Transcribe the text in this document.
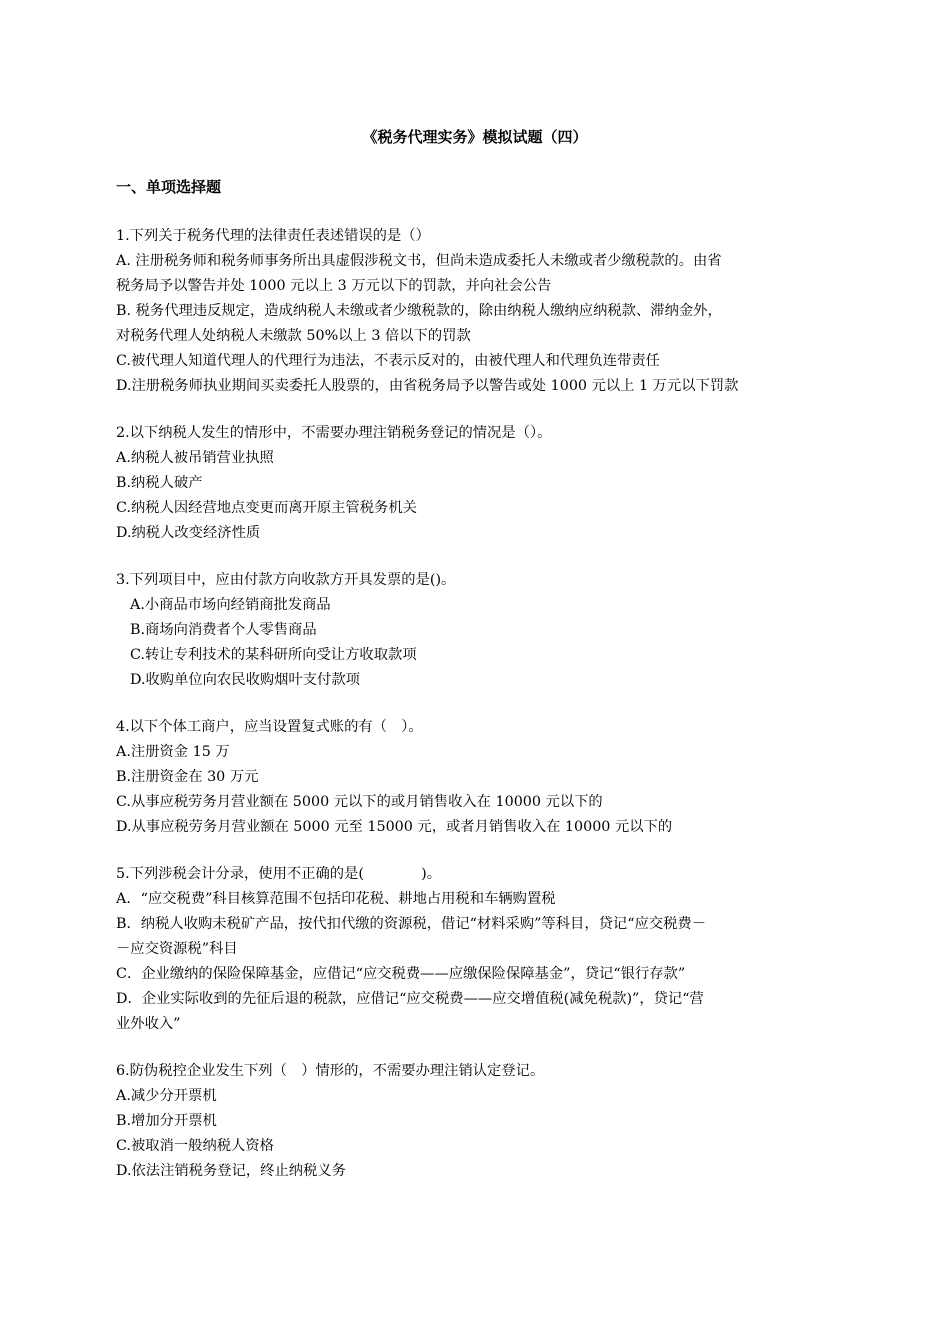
《税务代理实务》模拟试题（四）
一、单项选择题
1.下列关于税务代理的法律责任表述错误的是（）
A. 注册税务师和税务师事务所出具虚假涉税文书，但尚未造成委托人未缴或者少缴税款的。由省
税务局予以警告并处 1000 元以上 3 万元以下的罚款，并向社会公告
B. 税务代理违反规定，造成纳税人未缴或者少缴税款的，除由纳税人缴纳应纳税款、滞纳金外，
对税务代理人处纳税人未缴款 50%以上 3 倍以下的罚款
C.被代理人知道代理人的代理行为违法，不表示反对的，由被代理人和代理负连带责任
D.注册税务师执业期间买卖委托人股票的，由省税务局予以警告或处 1000 元以上 1 万元以下罚款
2.以下纳税人发生的情形中，不需要办理注销税务登记的情况是（）。
A.纳税人被吊销营业执照
B.纳税人破产
C.纳税人因经营地点变更而离开原主管税务机关
D.纳税人改变经济性质
3.下列项目中，应由付款方向收款方开具发票的是()。
A.小商品市场向经销商批发商品
B.商场向消费者个人零售商品
C.转让专利技术的某科研所向受让方收取款项
D.收购单位向农民收购烟叶支付款项
4.以下个体工商户，应当设置复式账的有（　）。
A.注册资金 15 万
B.注册资金在 30 万元
C.从事应税劳务月营业额在 5000 元以下的或月销售收入在 10000 元以下的
D.从事应税劳务月营业额在 5000 元至 15000 元，或者月销售收入在 10000 元以下的
5.下列涉税会计分录，使用不正确的是(　　　　)。
A．“应交税费”科目核算范围不包括印花税、耕地占用税和车辆购置税
B．纳税人收购未税矿产品，按代扣代缴的资源税，借记“材料采购”等科目，贷记“应交税费－
－应交资源税”科目
C．企业缴纳的保险保障基金，应借记“应交税费——应缴保险保障基金”，贷记“银行存款”
D．企业实际收到的先征后退的税款，应借记“应交税费——应交增值税(减免税款)”，贷记“营
业外收入”
6.防伪税控企业发生下列（　）情形的，不需要办理注销认定登记。
A.减少分开票机
B.增加分开票机
C.被取消一般纳税人资格
D.依法注销税务登记，终止纳税义务
